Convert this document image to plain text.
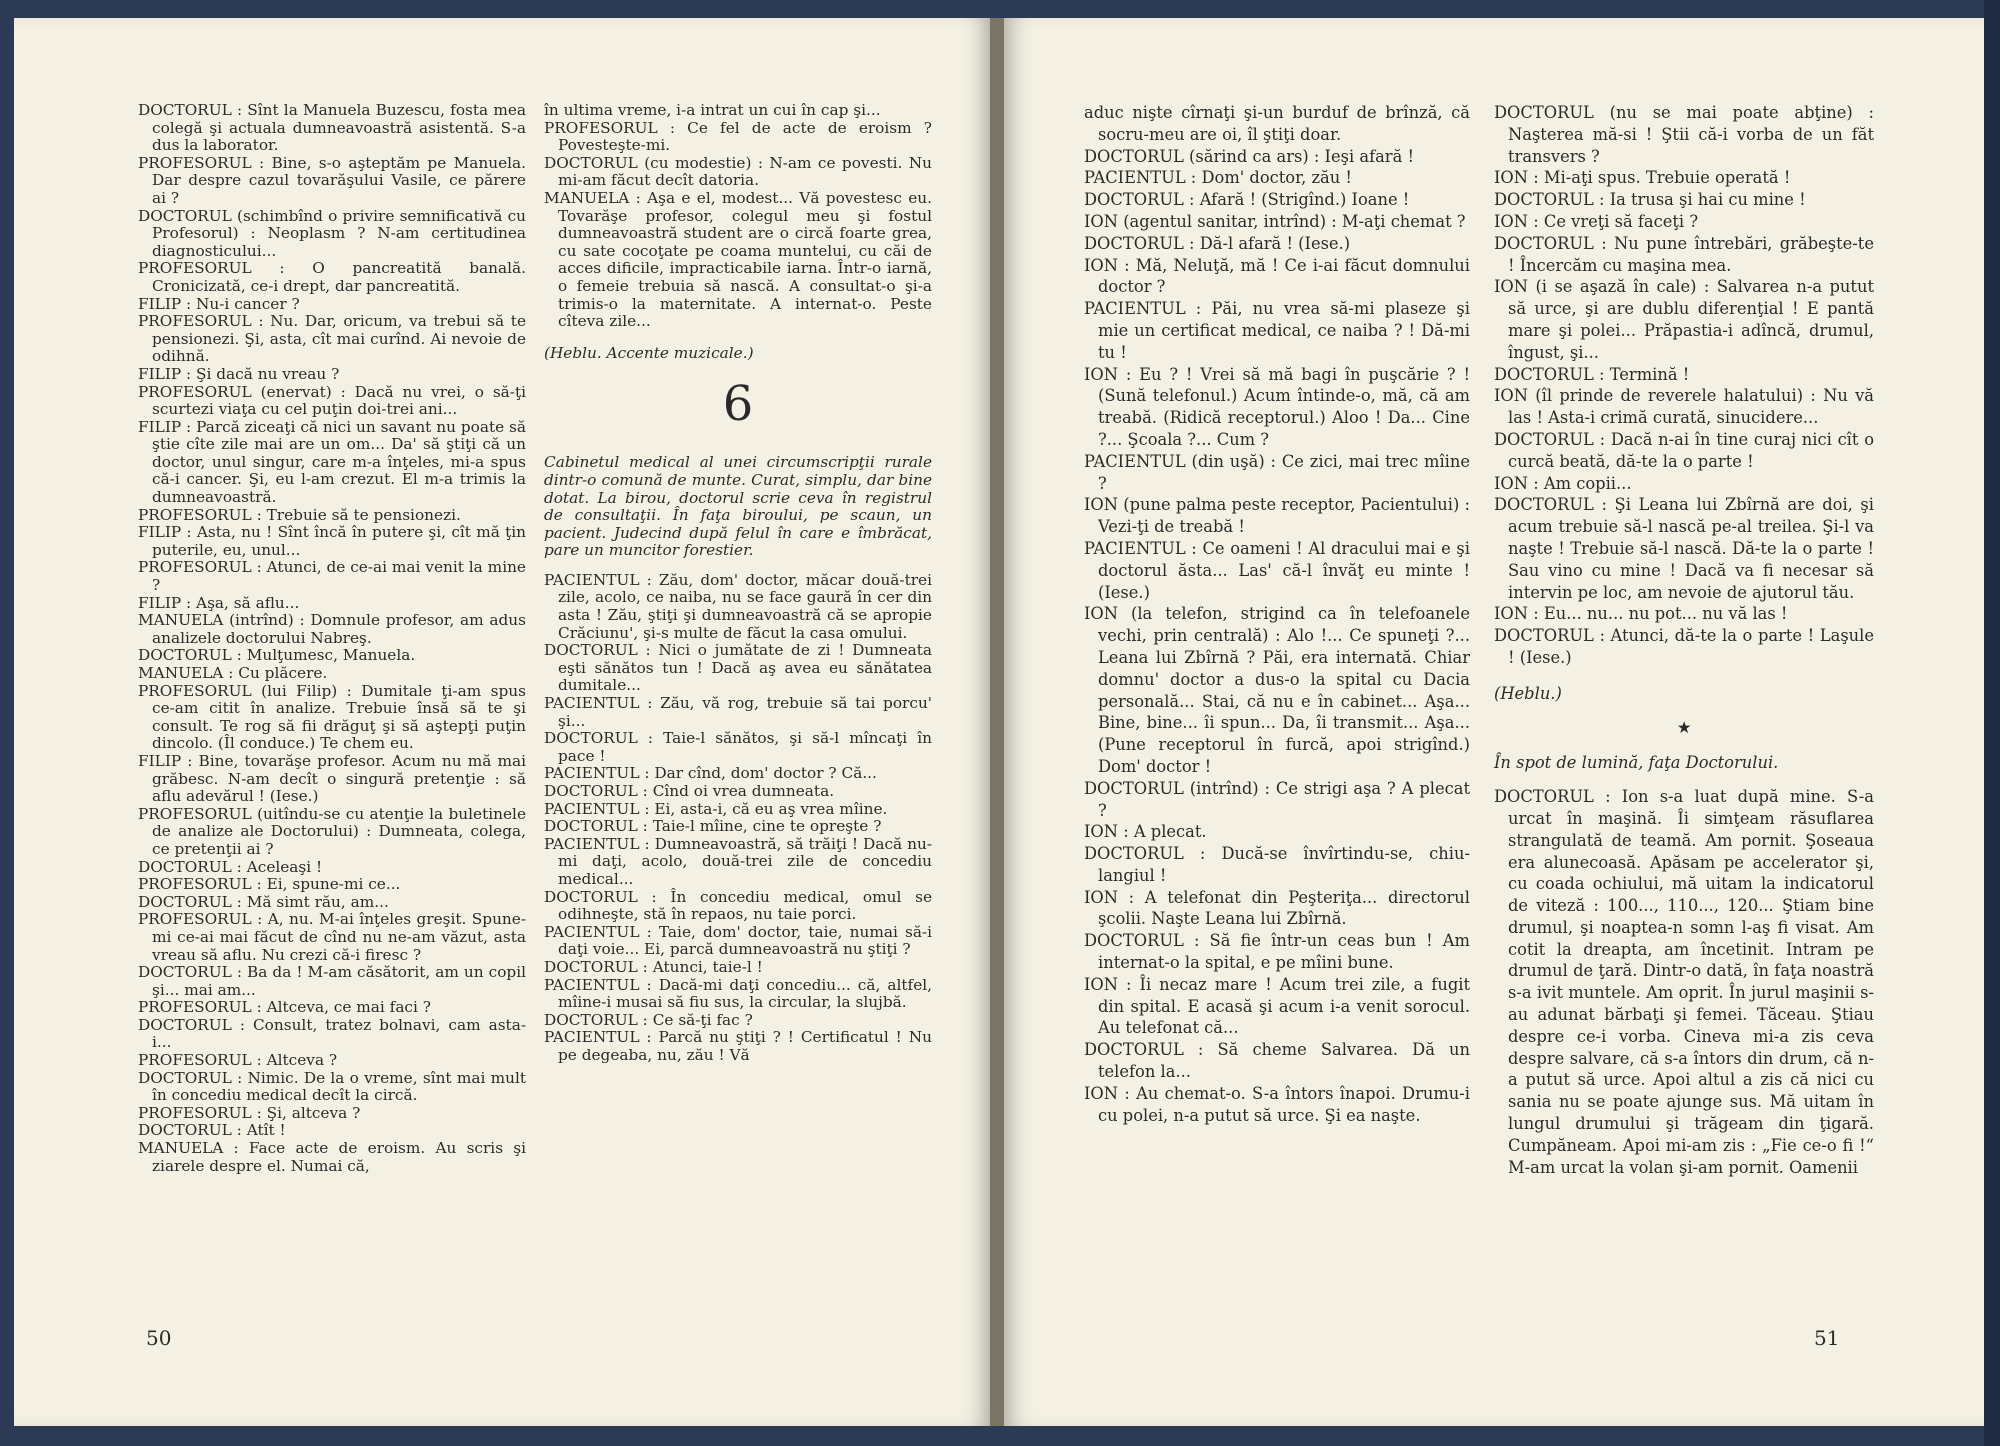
DOCTORUL : Sînt la Manuela Buzescu, fosta mea colegă şi actuala dumneavoastră asistentă. S-a dus la laborator.

PROFESORUL : Bine, s-o aşteptăm pe Manuela. Dar despre cazul tovarăşului Vasile, ce părere ai ?

DOCTORUL (schimbînd o privire semnificativă cu Profesorul) : Neoplasm ? N-am certitudinea diagnosticului...

PROFESORUL : O pancreatită banală. Cronicizată, ce-i drept, dar pancreatită.

FILIP : Nu-i cancer ?

PROFESORUL : Nu. Dar, oricum, va trebui să te pensionezi. Şi, asta, cît mai curînd. Ai nevoie de odihnă.

FILIP : Şi dacă nu vreau ?

PROFESORUL (enervat) : Dacă nu vrei, o să-ţi scurtezi viaţa cu cel puţin doi-trei ani...

FILIP : Parcă ziceaţi că nici un savant nu poate să ştie cîte zile mai are un om... Da' să ştiţi că un doctor, unul singur, care m-a înţeles, mi-a spus că-i cancer. Şi, eu l-am crezut. El m-a trimis la dumneavoastră.

PROFESORUL : Trebuie să te pensionezi.

FILIP : Asta, nu ! Sînt încă în putere şi, cît mă ţin puterile, eu, unul...

PROFESORUL : Atunci, de ce-ai mai venit la mine ?

FILIP : Aşa, să aflu...

MANUELA (intrînd) : Domnule profesor, am adus analizele doctorului Nabreş.

DOCTORUL : Mulţumesc, Manuela.

MANUELA : Cu plăcere.

PROFESORUL (lui Filip) : Dumitale ţi-am spus ce-am citit în analize. Trebuie însă să te şi consult. Te rog să fii drăguţ şi să aştepţi puţin dincolo. (Îl conduce.) Te chem eu.

FILIP : Bine, tovarăşe profesor. Acum nu mă mai grăbesc. N-am decît o singură pretenţie : să aflu adevărul ! (Iese.)

PROFESORUL (uitîndu-se cu atenţie la buletinele de analize ale Doctorului) : Dumneata, colega, ce pretenţii ai ?

DOCTORUL : Aceleaşi !

PROFESORUL : Ei, spune-mi ce...

DOCTORUL : Mă simt rău, am...

PROFESORUL : A, nu. M-ai înţeles greşit. Spune-mi ce-ai mai făcut de cînd nu ne-am văzut, asta vreau să aflu. Nu crezi că-i firesc ?

DOCTORUL : Ba da ! M-am căsătorit, am un copil şi... mai am...

PROFESORUL : Altceva, ce mai faci ?

DOCTORUL : Consult, tratez bolnavi, cam asta-i...

PROFESORUL : Altceva ?

DOCTORUL : Nimic. De la o vreme, sînt mai mult în concediu medical decît la circă.

PROFESORUL : Şi, altceva ?

DOCTORUL : Atît !

MANUELA : Face acte de eroism. Au scris şi ziarele despre el. Numai că,

în ultima vreme, i-a intrat un cui în cap şi...

PROFESORUL : Ce fel de acte de eroism ? Povesteşte-mi.

DOCTORUL (cu modestie) : N-am ce povesti. Nu mi-am făcut decît datoria.

MANUELA : Aşa e el, modest... Vă povestesc eu. Tovarăşe profesor, colegul meu şi fostul dumneavoastră student are o circă foarte grea, cu sate cocoţate pe coama muntelui, cu căi de acces dificile, impracticabile iarna. Într-o iarnă, o femeie trebuia să nască. A consultat-o şi-a trimis-o la maternitate. A internat-o. Peste cîteva zile...

(Heblu. Accente muzicale.)

6

Cabinetul medical al unei circumscripţii rurale dintr-o comună de munte. Curat, simplu, dar bine dotat. La birou, doctorul scrie ceva în registrul de consultaţii. În faţa biroului, pe scaun, un pacient. Judecind după felul în care e îmbrăcat, pare un muncitor forestier.

PACIENTUL : Zău, dom' doctor, măcar două-trei zile, acolo, ce naiba, nu se face gaură în cer din asta ! Zău, ştiţi şi dumneavoastră că se apropie Crăciunu', şi-s multe de făcut la casa omului.

DOCTORUL : Nici o jumătate de zi ! Dumneata eşti sănătos tun ! Dacă aş avea eu sănătatea dumitale...

PACIENTUL : Zău, vă rog, trebuie să tai porcu' şi...

DOCTORUL : Taie-l sănătos, şi să-l mîncaţi în pace !

PACIENTUL : Dar cînd, dom' doctor ? Că...

DOCTORUL : Cînd oi vrea dumneata.

PACIENTUL : Ei, asta-i, că eu aş vrea mîine.

DOCTORUL : Taie-l mîine, cine te opreşte ?

PACIENTUL : Dumneavoastră, să trăiţi ! Dacă nu-mi daţi, acolo, două-trei zile de concediu medical...

DOCTORUL : În concediu medical, omul se odihneşte, stă în repaos, nu taie porci.

PACIENTUL : Taie, dom' doctor, taie, numai să-i daţi voie... Ei, parcă dumneavoastră nu ştiţi ?

DOCTORUL : Atunci, taie-l !

PACIENTUL : Dacă-mi daţi concediu... că, altfel, mîine-i musai să fiu sus, la circular, la slujbă.

DOCTORUL : Ce să-ţi fac ?

PACIENTUL : Parcă nu ştiţi ? ! Certificatul ! Nu pe degeaba, nu, zău ! Vă

50

aduc nişte cîrnaţi şi-un burduf de brînză, că socru-meu are oi, îl ştiţi doar.

DOCTORUL (sărind ca ars) : Ieşi afară !

PACIENTUL : Dom' doctor, zău !

DOCTORUL : Afară ! (Strigînd.) Ioane !

ION (agentul sanitar, intrînd) : M-aţi chemat ?

DOCTORUL : Dă-l afară ! (Iese.)

ION : Mă, Neluţă, mă ! Ce i-ai făcut domnului doctor ?

PACIENTUL : Păi, nu vrea să-mi plaseze şi mie un certificat medical, ce naiba ? ! Dă-mi tu !

ION : Eu ? ! Vrei să mă bagi în puşcărie ? ! (Sună telefonul.) Acum întinde-o, mă, că am treabă. (Ridică receptorul.) Aloo ! Da... Cine ?... Şcoala ?... Cum ?

PACIENTUL (din uşă) : Ce zici, mai trec mîine ?

ION (pune palma peste receptor, Pacientului) : Vezi-ţi de treabă !

PACIENTUL : Ce oameni ! Al dracului mai e şi doctorul ăsta... Las' că-l învăţ eu minte ! (Iese.)

ION (la telefon, strigind ca în telefoanele vechi, prin centrală) : Alo !... Ce spuneţi ?... Leana lui Zbîrnă ? Păi, era internată. Chiar domnu' doctor a dus-o la spital cu Dacia personală... Stai, că nu e în cabinet... Aşa... Bine, bine... îi spun... Da, îi transmit... Aşa... (Pune receptorul în furcă, apoi strigînd.) Dom' doctor !

DOCTORUL (intrînd) : Ce strigi aşa ? A plecat ?

ION : A plecat.

DOCTORUL : Ducă-se învîrtindu-se, chiulangiul !

ION : A telefonat din Peşteriţa... directorul şcolii. Naşte Leana lui Zbîrnă.

DOCTORUL : Să fie într-un ceas bun ! Am internat-o la spital, e pe mîini bune.

ION : Îi necaz mare ! Acum trei zile, a fugit din spital. E acasă şi acum i-a venit sorocul. Au telefonat că...

DOCTORUL : Să cheme Salvarea. Dă un telefon la...

ION : Au chemat-o. S-a întors înapoi. Drumu-i cu polei, n-a putut să urce. Şi ea naşte.

DOCTORUL (nu se mai poate abţine) : Naşterea mă-si ! Ştii că-i vorba de un făt transvers ?

ION : Mi-aţi spus. Trebuie operată !

DOCTORUL : Ia trusa şi hai cu mine !

ION : Ce vreţi să faceţi ?

DOCTORUL : Nu pune întrebări, grăbeşte-te ! Încercăm cu maşina mea.

ION (i se aşază în cale) : Salvarea n-a putut să urce, şi are dublu diferenţial ! E pantă mare şi polei... Prăpastia-i adîncă, drumul, îngust, şi...

DOCTORUL : Termină !

ION (îl prinde de reverele halatului) : Nu vă las ! Asta-i crimă curată, sinucidere...

DOCTORUL : Dacă n-ai în tine curaj nici cît o curcă beată, dă-te la o parte !

ION : Am copii...

DOCTORUL : Şi Leana lui Zbîrnă are doi, şi acum trebuie să-l nască pe-al treilea. Şi-l va naşte ! Trebuie să-l nască. Dă-te la o parte ! Sau vino cu mine ! Dacă va fi necesar să intervin pe loc, am nevoie de ajutorul tău.

ION : Eu... nu... nu pot... nu vă las !

DOCTORUL : Atunci, dă-te la o parte ! Laşule ! (Iese.)

(Heblu.)

★

În spot de lumină, faţa Doctorului.

DOCTORUL : Ion s-a luat după mine. S-a urcat în maşină. Îi simţeam răsuflarea strangulată de teamă. Am pornit. Şoseaua era alunecoasă. Apăsam pe accelerator şi, cu coada ochiului, mă uitam la indicatorul de viteză : 100..., 110..., 120... Ştiam bine drumul, şi noaptea-n somn l-aş fi visat. Am cotit la dreapta, am încetinit. Intram pe drumul de ţară. Dintr-o dată, în faţa noastră s-a ivit muntele. Am oprit. În jurul maşinii s-au adunat bărbaţi şi femei. Tăceau. Ştiau despre ce-i vorba. Cineva mi-a zis ceva despre salvare, că s-a întors din drum, că n-a putut să urce. Apoi altul a zis că nici cu sania nu se poate ajunge sus. Mă uitam în lungul drumului şi trăgeam din ţigară. Cumpăneam. Apoi mi-am zis : „Fie ce-o fi !“ M-am urcat la volan şi-am pornit. Oamenii

51
